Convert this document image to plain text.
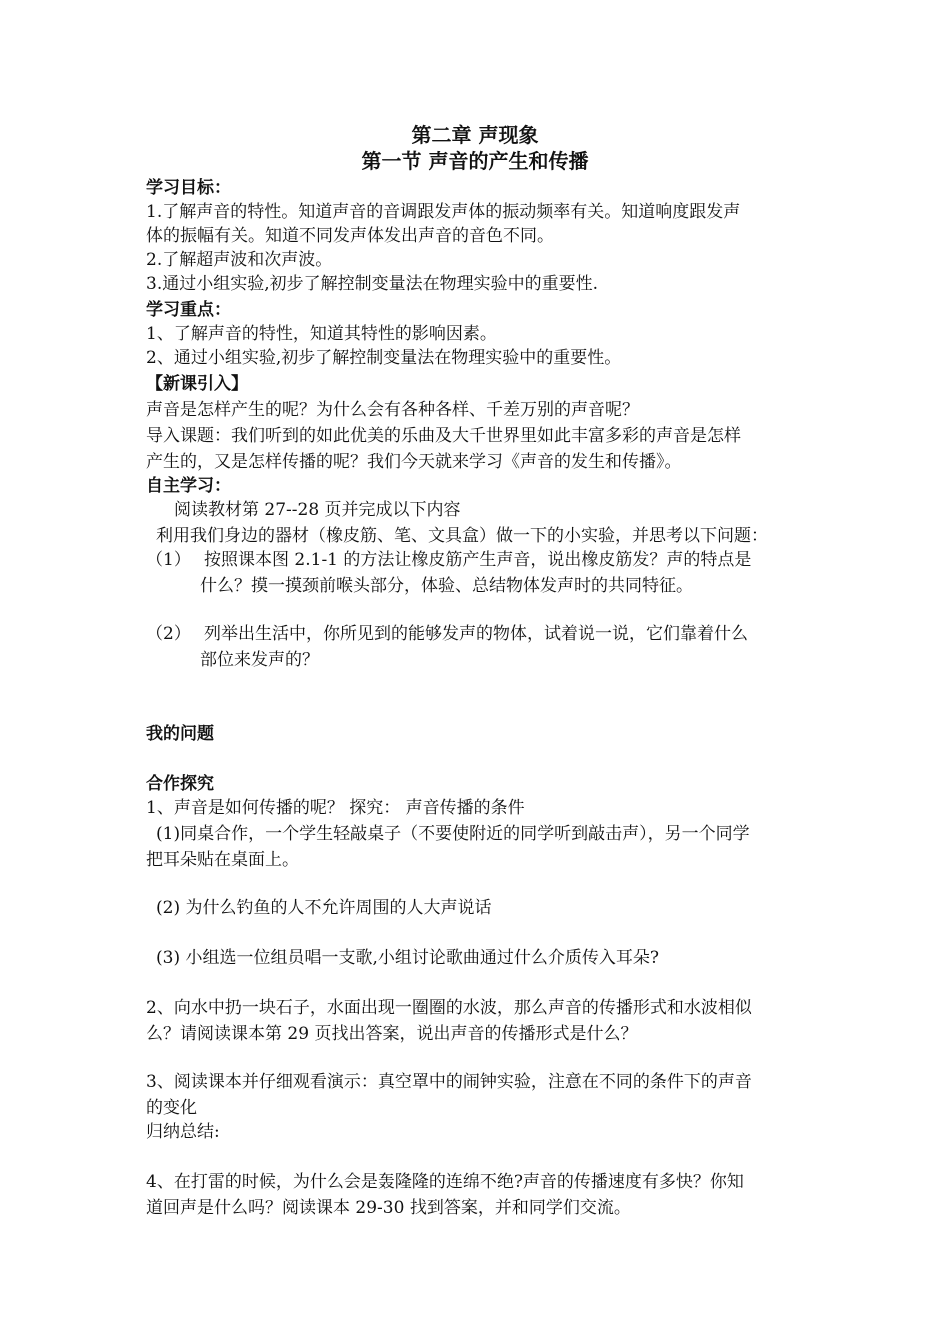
第二章 声现象
第一节 声音的产生和传播
学习目标：
1.了解声音的特性。知道声音的音调跟发声体的振动频率有关。知道响度跟发声
体的振幅有关。知道不同发声体发出声音的音色不同。
2.了解超声波和次声波。
3.通过小组实验,初步了解控制变量法在物理实验中的重要性.
学习重点：
1、了解声音的特性，知道其特性的影响因素。
2、通过小组实验,初步了解控制变量法在物理实验中的重要性。
【新课引入】
声音是怎样产生的呢？为什么会有各种各样、千差万别的声音呢？
导入课题：我们听到的如此优美的乐曲及大千世界里如此丰富多彩的声音是怎样
产生的，又是怎样传播的呢？我们今天就来学习《声音的发生和传播》。
自主学习：
阅读教材第 27--28 页并完成以下内容
利用我们身边的器材（橡皮筋、笔、文具盒）做一下的小实验，并思考以下问题：
（1） 按照课本图 2.1-1 的方法让橡皮筋产生声音，说出橡皮筋发？声的特点是
什么？摸一摸颈前喉头部分，体验、总结物体发声时的共同特征。
（2） 列举出生活中，你所见到的能够发声的物体，试着说一说，它们靠着什么
部位来发声的？
我的问题
合作探究
1、声音是如何传播的呢？ 探究： 声音传播的条件
(1)同桌合作，一个学生轻敲桌子（不要使附近的同学听到敲击声），另一个同学
把耳朵贴在桌面上。
(2) 为什么钓鱼的人不允许周围的人大声说话
(3) 小组选一位组员唱一支歌,小组讨论歌曲通过什么介质传入耳朵?
2、向水中扔一块石子，水面出现一圈圈的水波，那么声音的传播形式和水波相似
么？请阅读课本第 29 页找出答案，说出声音的传播形式是什么？
3、阅读课本并仔细观看演示：真空罩中的闹钟实验，注意在不同的条件下的声音
的变化
归纳总结:
4、在打雷的时候，为什么会是轰隆隆的连绵不绝?声音的传播速度有多快？你知
道回声是什么吗？阅读课本 29-30 找到答案，并和同学们交流。
